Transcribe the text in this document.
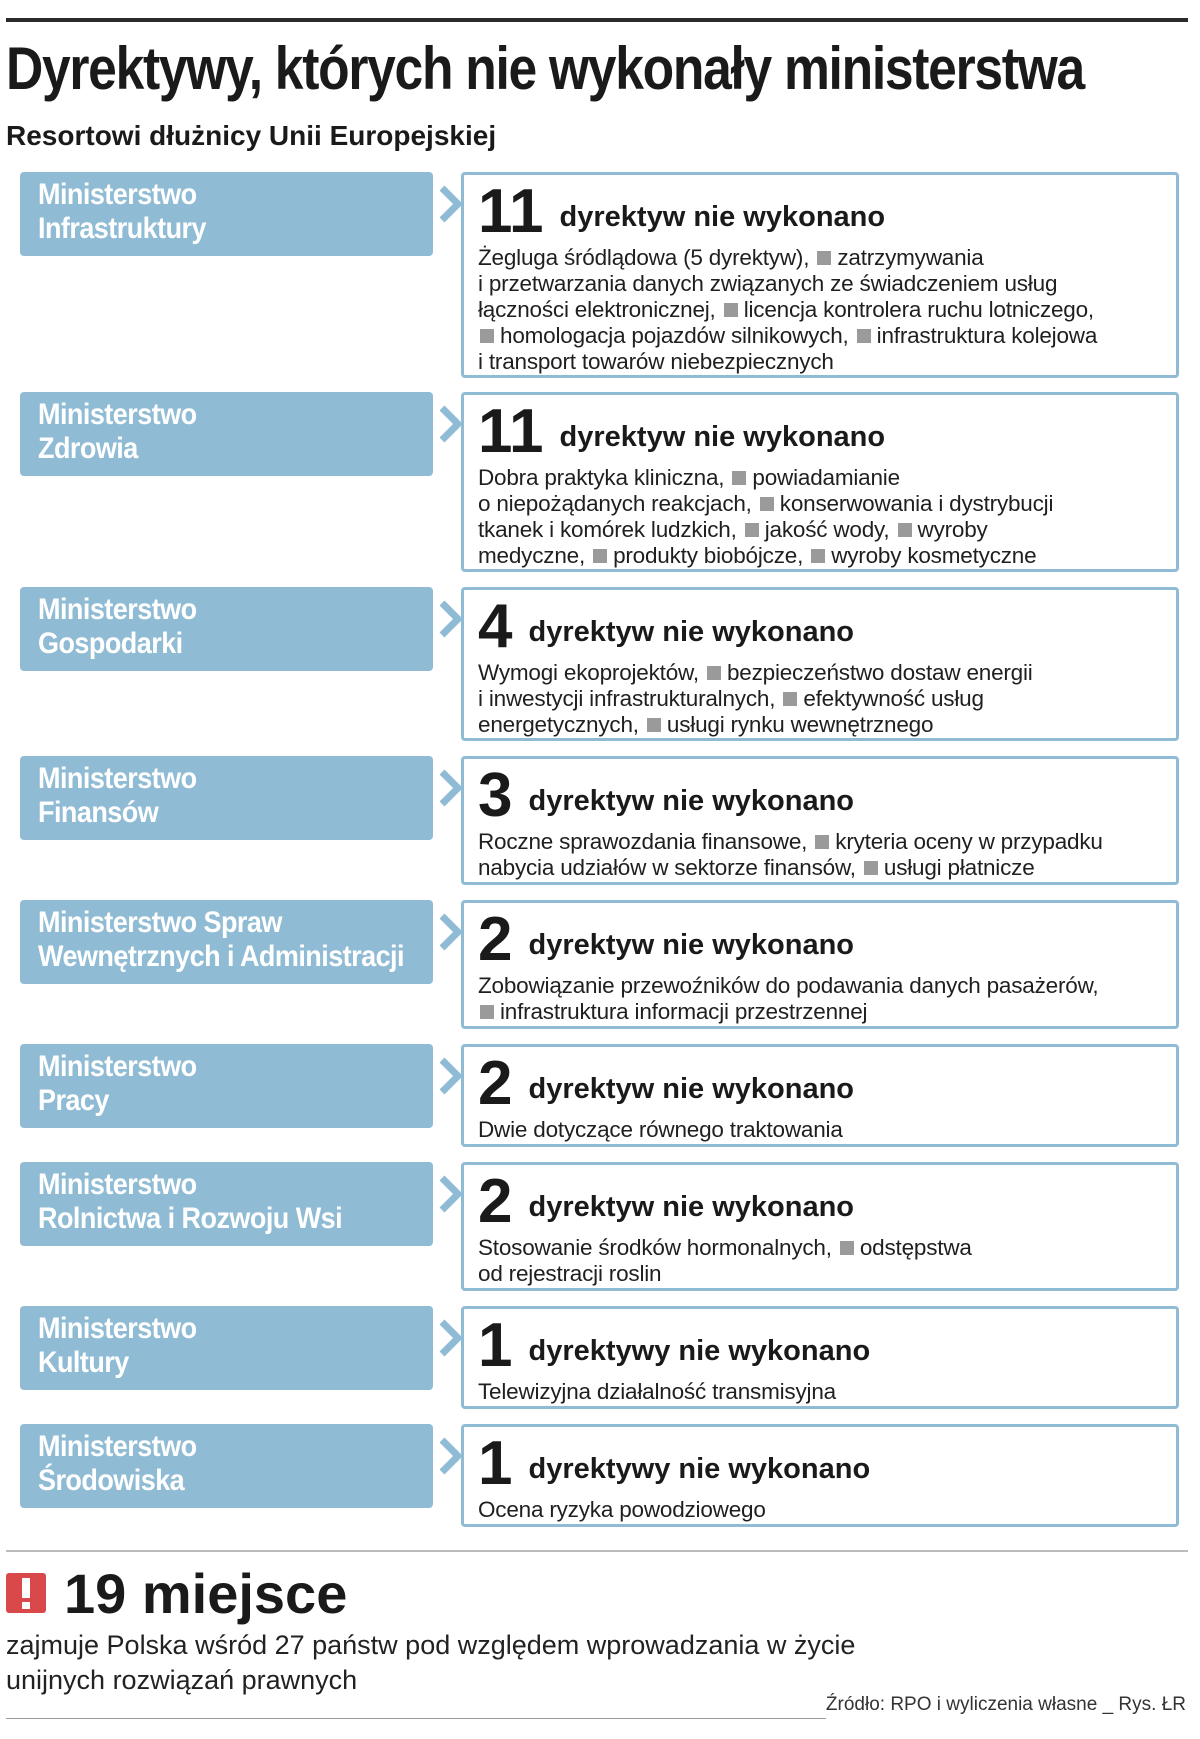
Dyrektywy, których nie wykonały ministerstwa
Resortowi dłużnicy Unii Europejskiej
Ministerstwo
Infrastruktury	11 dyrektyw nie wykonano
Żegluga śródlądowa (5 dyrektyw), zatrzymywania
i przetwarzania danych związanych ze świadczeniem usług
łączności elektronicznej, licencja kontrolera ruchu lotniczego,
homologacja pojazdów silnikowych, infrastruktura kolejowa
i transport towarów niebezpiecznych
Ministerstwo
Zdrowia	11 dyrektyw nie wykonano
Dobra praktyka kliniczna, powiadamianie
o niepożądanych reakcjach, konserwowania i dystrybucji
tkanek i komórek ludzkich, jakość wody, wyroby
medyczne, produkty biobójcze, wyroby kosmetyczne
Ministerstwo
Gospodarki	4 dyrektyw nie wykonano
Wymogi ekoprojektów, bezpieczeństwo dostaw energii
i inwestycji infrastrukturalnych, efektywność usług
energetycznych, usługi rynku wewnętrznego
Ministerstwo
Finansów	3 dyrektyw nie wykonano
Roczne sprawozdania finansowe, kryteria oceny w przypadku
nabycia udziałów w sektorze finansów, usługi płatnicze
Ministerstwo Spraw
Wewnętrznych i Administracji 2 dyrektyw nie wykonano
Zobowiązanie przewoźników do podawania danych pasażerów,
infrastruktura informacji przestrzennej
Ministerstwo
Pracy	2 dyrektyw nie wykonano
Dwie dotyczące równego traktowania
Ministerstwo
Rolnictwa i Rozwoju Wsi	2 dyrektyw nie wykonano
Stosowanie środków hormonalnych, odstępstwa
od rejestracji roslin
Ministerstwo
Kultury	1 dyrektywy nie wykonano
Telewizyjna działalność transmisyjna
Ministerstwo
Środowiska	1 dyrektywy nie wykonano
Ocena ryzyka powodziowego
19 miejsce
zajmuje Polska wśród 27 państw pod względem wprowadzania w życie
unijnych rozwiązań prawnych
Źródło: RPO i wyliczenia własne _ Rys. ŁR
